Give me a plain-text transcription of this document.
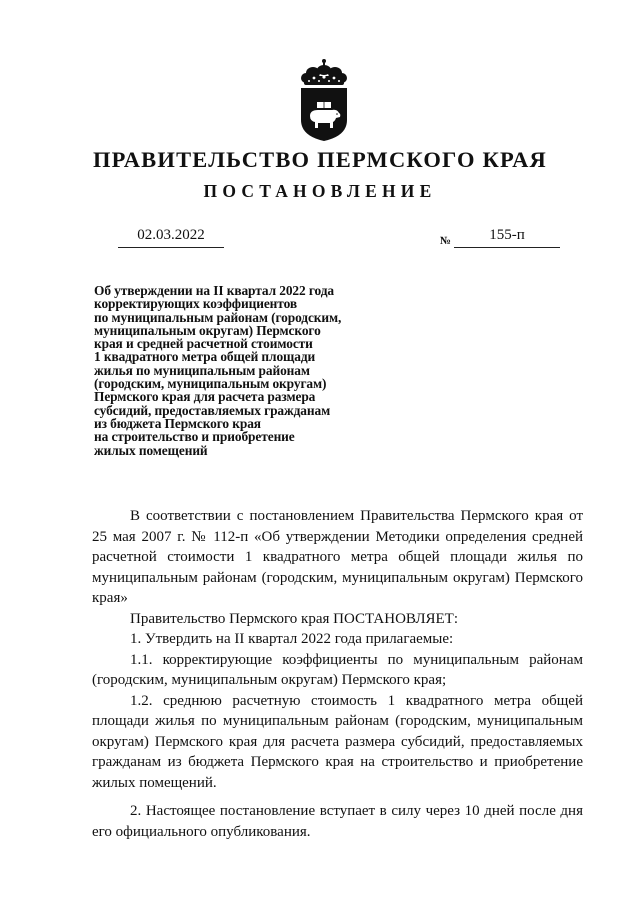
ПРАВИТЕЛЬСТВО ПЕРМСКОГО КРАЯ
ПОСТАНОВЛЕНИЕ
02.03.2022	№	155-п
Об утверждении на II квартал 2022 года
корректирующих коэффициентов
по муниципальным районам (городским,
муниципальным округам) Пермского
края и средней расчетной стоимости
1 квадратного метра общей площади
жилья по муниципальным районам
(городским, муниципальным округам)
Пермского края для расчета размера
субсидий, предоставляемых гражданам
из бюджета Пермского края
на строительство и приобретение
жилых помещений

В соответствии с постановлением Правительства Пермского края от 25 мая 2007 г. № 112-п «Об утверждении Методики определения средней расчетной стоимости 1 квадратного метра общей площади жилья по муниципальным районам (городским, муниципальным округам) Пермского края»

Правительство Пермского края ПОСТАНОВЛЯЕТ:

1. Утвердить на II квартал 2022 года прилагаемые:

1.1. корректирующие коэффициенты по муниципальным районам (городским, муниципальным округам) Пермского края;

1.2. среднюю расчетную стоимость 1 квадратного метра общей площади жилья по муниципальным районам (городским, муниципальным округам) Пермского края для расчета размера субсидий, предоставляемых гражданам из бюджета Пермского края на строительство и приобретение жилых помещений.

2. Настоящее постановление вступает в силу через 10 дней после дня его официального опубликования.
